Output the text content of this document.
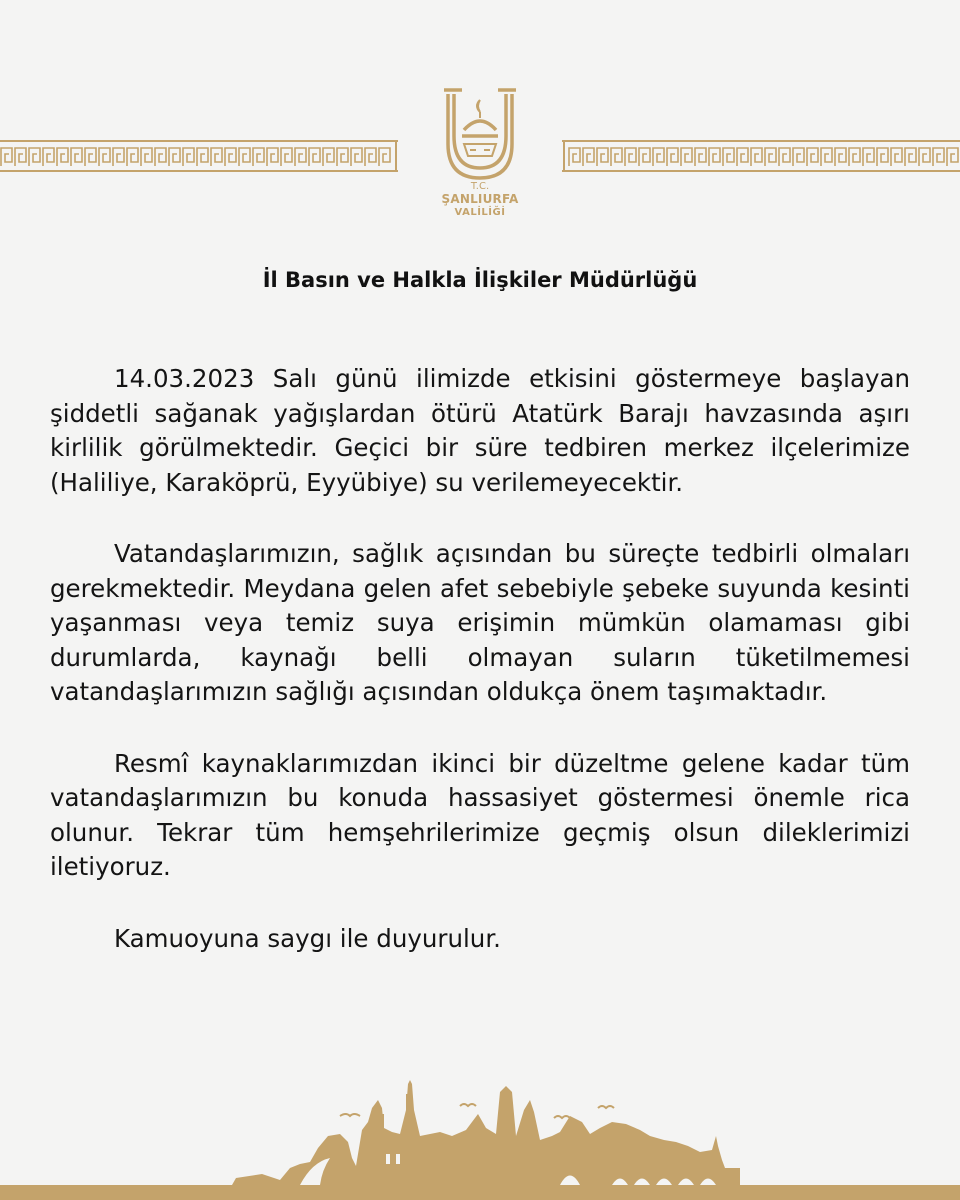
T.C.
ŞANLIURFA
VALİLİĞİ
İl Basın ve Halkla İlişkiler Müdürlüğü

14.03.2023 Salı günü ilimizde etkisini göstermeye başlayan şiddetli sağanak yağışlardan ötürü Atatürk Barajı havzasında aşırı kirlilik görülmektedir. Geçici bir süre tedbiren merkez ilçelerimize (Haliliye, Karaköprü, Eyyübiye) su verilemeyecektir.

Vatandaşlarımızın, sağlık açısından bu süreçte tedbirli olmaları gerekmektedir. Meydana gelen afet sebebiyle şebeke suyunda kesinti yaşanması veya temiz suya erişimin mümkün olamaması gibi durumlarda, kaynağı belli olmayan suların tüketilmemesi vatandaşlarımızın sağlığı açısından oldukça önem taşımaktadır.

Resmî kaynaklarımızdan ikinci bir düzeltme gelene kadar tüm vatandaşlarımızın bu konuda hassasiyet göstermesi önemle rica olunur. Tekrar tüm hemşehrilerimize geçmiş olsun dileklerimizi iletiyoruz.

Kamuoyuna saygı ile duyurulur.
